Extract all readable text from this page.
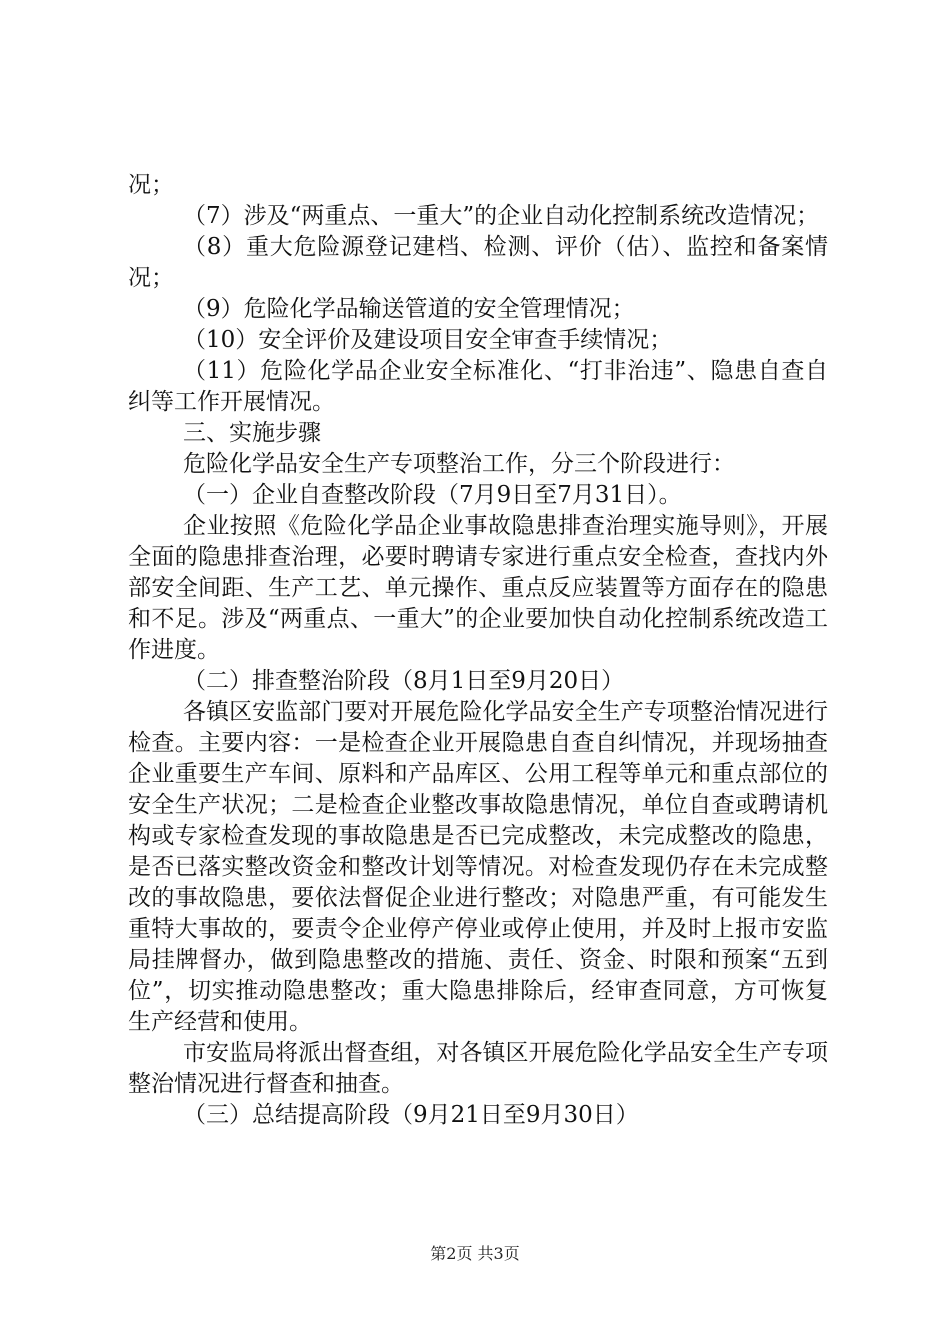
况；

（7）涉及“两重点、一重大”的企业自动化控制系统改造情况；

（8）重大危险源登记建档、检测、评价（估）、监控和备案情况；

（9）危险化学品输送管道的安全管理情况；

（10）安全评价及建设项目安全审查手续情况；

（11）危险化学品企业安全标准化、“打非治违”、隐患自查自纠等工作开展情况。

三、实施步骤

危险化学品安全生产专项整治工作，分三个阶段进行：

（一）企业自查整改阶段（7月9日至7月31日）。

企业按照《危险化学品企业事故隐患排查治理实施导则》，开展全面的隐患排查治理，必要时聘请专家进行重点安全检查，查找内外部安全间距、生产工艺、单元操作、重点反应装置等方面存在的隐患和不足。涉及“两重点、一重大”的企业要加快自动化控制系统改造工作进度。

（二）排查整治阶段（8月1日至9月20日）

各镇区安监部门要对开展危险化学品安全生产专项整治情况进行检查。主要内容：一是检查企业开展隐患自查自纠情况，并现场抽查企业重要生产车间、原料和产品库区、公用工程等单元和重点部位的安全生产状况；二是检查企业整改事故隐患情况，单位自查或聘请机构或专家检查发现的事故隐患是否已完成整改，未完成整改的隐患，是否已落实整改资金和整改计划等情况。对检查发现仍存在未完成整改的事故隐患，要依法督促企业进行整改；对隐患严重，有可能发生重特大事故的，要责令企业停产停业或停止使用，并及时上报市安监局挂牌督办，做到隐患整改的措施、责任、资金、时限和预案“五到位”，切实推动隐患整改；重大隐患排除后，经审查同意，方可恢复生产经营和使用。

市安监局将派出督查组，对各镇区开展危险化学品安全生产专项整治情况进行督查和抽查。

（三）总结提高阶段（9月21日至9月30日）

第2页 共3页
